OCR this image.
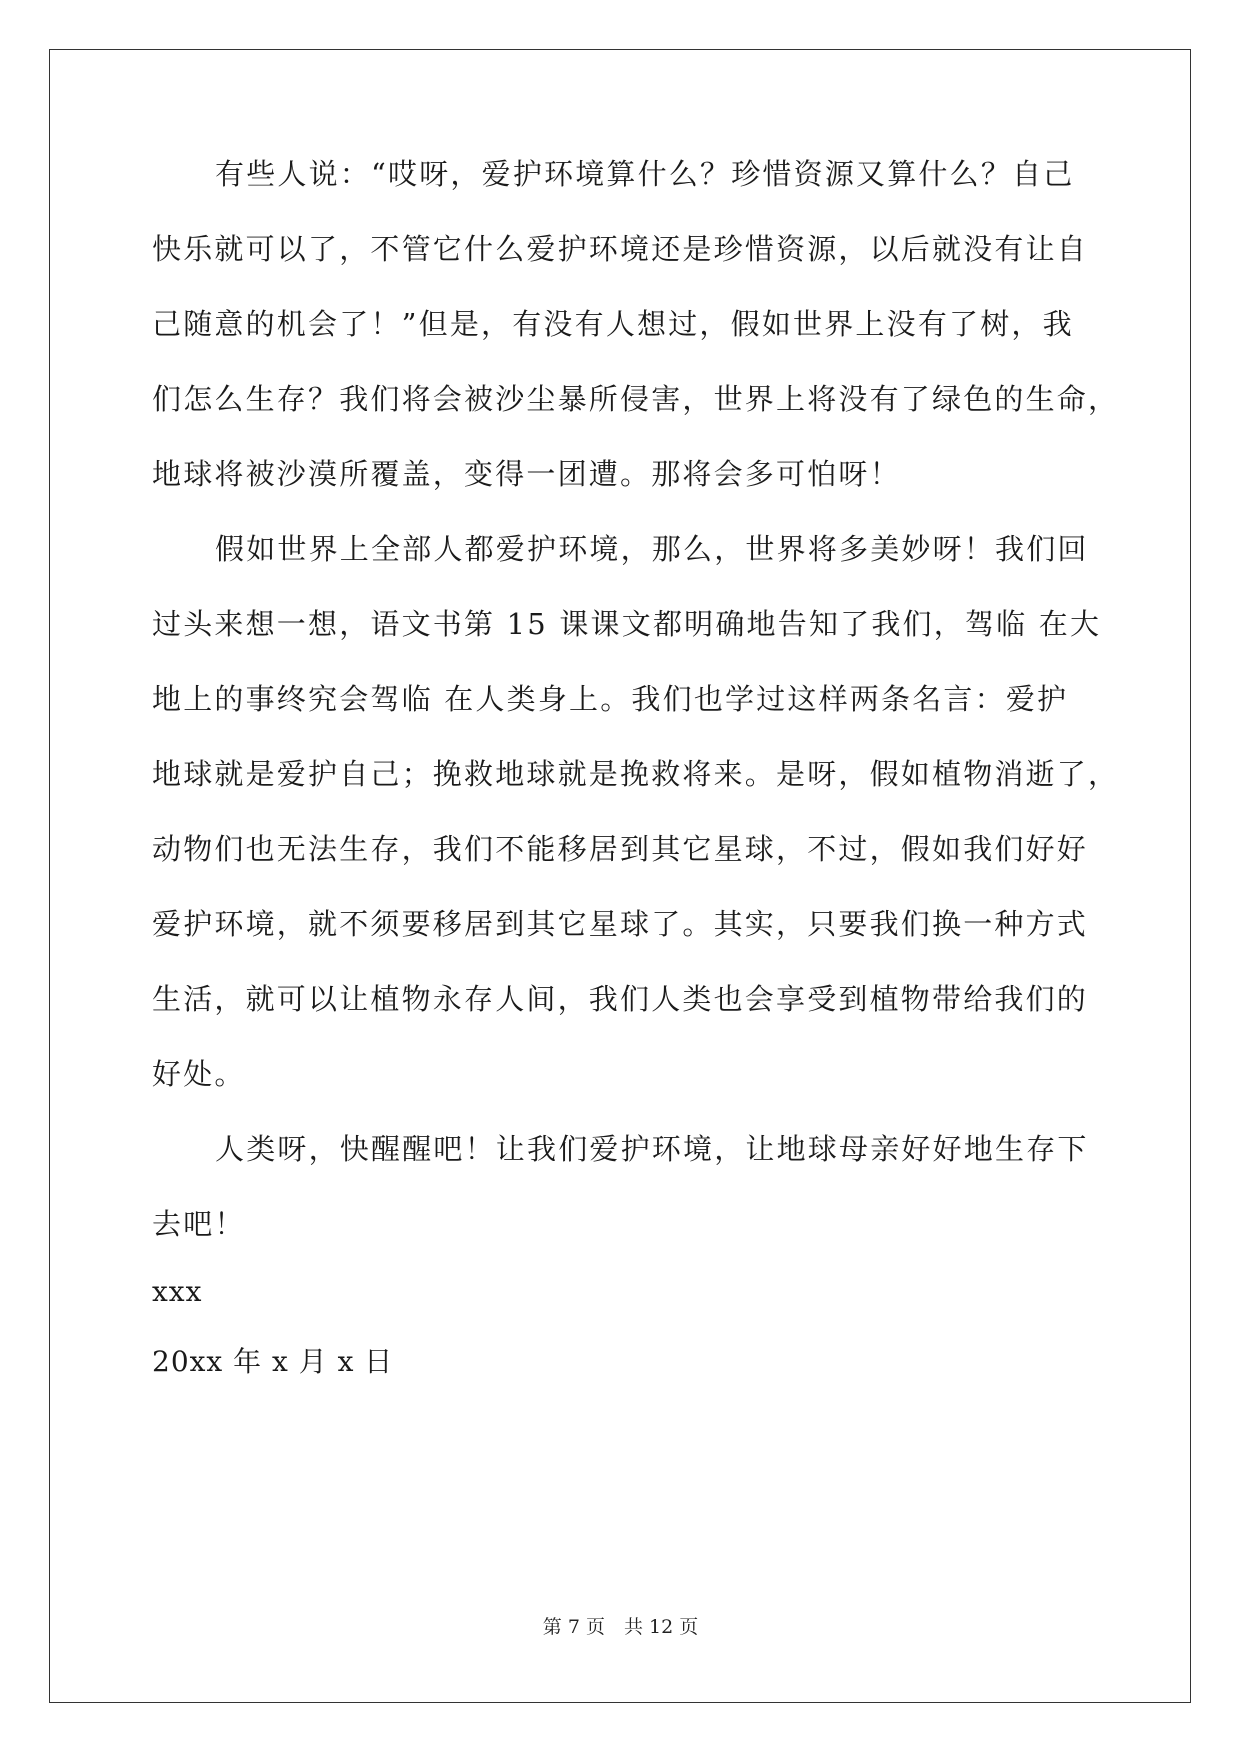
有些人说：“哎呀，爱护环境算什么？珍惜资源又算什么？自己
快乐就可以了，不管它什么爱护环境还是珍惜资源，以后就没有让自
己随意的机会了！”但是，有没有人想过，假如世界上没有了树，我
们怎么生存？我们将会被沙尘暴所侵害，世界上将没有了绿色的生命，
地球将被沙漠所覆盖，变得一团遭。那将会多可怕呀！
假如世界上全部人都爱护环境，那么，世界将多美妙呀！我们回
过头来想一想，语文书第 15 课课文都明确地告知了我们，驾临 在大
地上的事终究会驾临 在人类身上。我们也学过这样两条名言：爱护
地球就是爱护自己；挽救地球就是挽救将来。是呀，假如植物消逝了，
动物们也无法生存，我们不能移居到其它星球，不过，假如我们好好
爱护环境，就不须要移居到其它星球了。其实，只要我们换一种方式
生活，就可以让植物永存人间，我们人类也会享受到植物带给我们的
好处。
人类呀，快醒醒吧！让我们爱护环境，让地球母亲好好地生存下
去吧！
xxx
20xx 年 x 月 x 日
第 7 页　共 12 页
